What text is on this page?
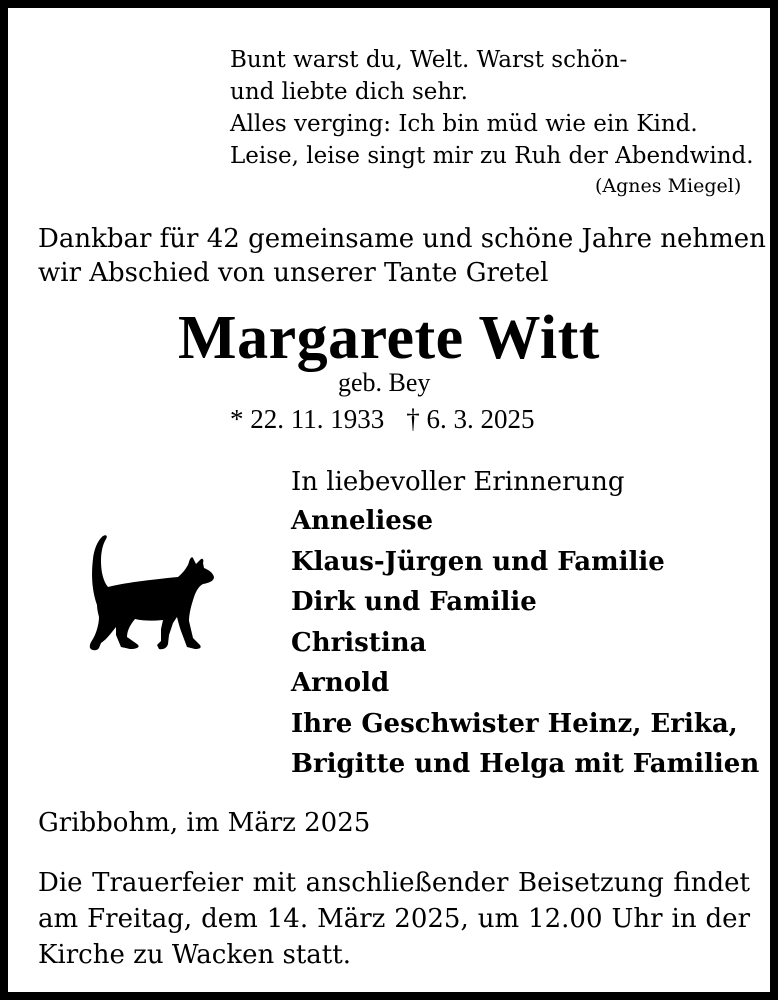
Bunt warst du, Welt. Warst schön-
und liebte dich sehr.
Alles verging: Ich bin müd wie ein Kind.
Leise, leise singt mir zu Ruh der Abendwind.
(Agnes Miegel)
Dankbar für 42 gemeinsame und schöne Jahre nehmen
wir Abschied von unserer Tante Gretel
Margarete Witt
geb. Bey
* 22. 11. 1933 † 6. 3. 2025
In liebevoller Erinnerung
Anneliese
Klaus-Jürgen und Familie
Dirk und Familie
Christina
Arnold
Ihre Geschwister Heinz, Erika,
Brigitte und Helga mit Familien
Gribbohm, im März 2025
Die Trauerfeier mit anschließender Beisetzung findet
am Freitag, dem 14. März 2025, um 12.00 Uhr in der
Kirche zu Wacken statt.
